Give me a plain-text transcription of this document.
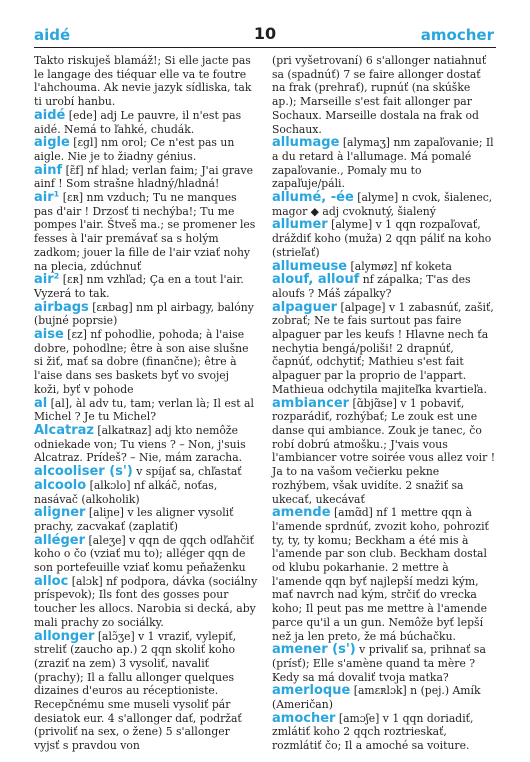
aidé	10	amocher

Takto riskuješ blamáž!; Si elle jacte pas le langage des tiéquar elle va te foutre l'ahchouma. Ak nevie jazyk sídliska, tak ti urobí hanbu.

aidé [ede] adj Le pauvre, il n'est pas aidé. Nemá to ľahké, chudák.

aigle [ɛgl] nm orol; Ce n'est pas un aigle. Nie je to žiadny génius.

ainf [ɛ̃f] nf hlad; verlan faim; J'ai grave ainf ! Som strašne hladný/hladná!

air¹ [ɛʀ] nm vzduch; Tu ne manques pas d'air ! Drzosť ti nechýba!; Tu me pompes l'air. Štveš ma.; se promener les fesses à l'air premávať sa s holým zadkom; jouer la fille de l'air vziať nohy na plecia, zdúchnuť

air² [ɛʀ] nm vzhľad; Ça en a tout l'air. Vyzerá to tak.

airbags [ɛʀbag] nm pl airbagy, balóny (bujné poprsie)

aise [ɛz] nf pohodlie, pohoda; à l'aise dobre, pohodlne; être à son aise slušne si žiť, mať sa dobre (finančne); être à l'aise dans ses baskets byť vo svojej koži, byť v pohode

al [al], àl adv tu, tam; verlan là; Il est al Michel ? Je tu Michel?

Alcatraz [alkatʀaz] adj kto nemôže odniekade von; Tu viens ? – Non, j'suis Alcatraz. Prídeš? – Nie, mám zaracha.

alcooliser (s') v spíjať sa, chľastať

alcoolo [alkɔlo] nf alkáč, noťas, nasávač (alkoholik)

aligner [aliɲe] v les aligner vysoliť prachy, zacvakať (zaplatiť)

alléger [aleʒe] v qqn de qqch odľahčiť koho o čo (vziať mu to); alléger qqn de son portefeuille vziať komu peňaženku

alloc [alɔk] nf podpora, dávka (sociálny príspevok); Ils font des gosses pour toucher les allocs. Narobia si decká, aby mali prachy zo sociálky.

allonger [alɔ̃ʒe] v 1 vraziť, vylepiť, streliť (zaucho ap.) 2 qqn skoliť koho (zraziť na zem) 3 vysoliť, navaliť (prachy); Il a fallu allonger quelques dizaines d'euros au réceptioniste. Recepčnému sme museli vysoliť pár desiatok eur. 4 s'allonger dať, podržať (privoliť na sex, o žene) 5 s'allonger vyjsť s pravdou von

(pri vyšetrovaní) 6 s'allonger natiahnuť sa (spadnúť) 7 se faire allonger dostať na frak (prehrať), rupnúť (na skúške ap.); Marseille s'est fait allonger par Sochaux. Marseille dostala na frak od Sochaux.

allumage [alymaʒ] nm zapaľovanie; Il a du retard à l'allumage. Má pomalé zapaľovanie., Pomaly mu to zapaľuje/páli.

allumé, -ée [alyme] n cvok, šialenec, magor ◆ adj cvoknutý, šialený

allumer [alyme] v 1 qqn rozpaľovať, dráždiť koho (muža) 2 qqn páliť na koho (strieľať)

allumeuse [alymøz] nf koketa

alouf, allouf nf zápalka; T'as des aloufs ? Máš zápalky?

alpaguer [alpage] v 1 zabasnúť, zašiť, zobrať; Ne te fais surtout pas faire alpaguer par les keufs ! Hlavne nech ťa nechytia bengá/poliši! 2 drapnúť, čapnúť, odchytiť; Mathieu s'est fait alpaguer par la proprio de l'appart. Mathieua odchytila majiteľka kvartieľa.

ambiancer [ɑ̃bjɑ̃se] v 1 pobaviť, rozparádiť, rozhýbať; Le zouk est une danse qui ambiance. Zouk je tanec, čo robí dobrú atmošku.; J'vais vous l'ambiancer votre soirée vous allez voir ! Ja to na vašom večierku pekne rozhýbem, však uvidíte. 2 snažiť sa ukecať, ukecávať

amende [amɑ̃d] nf 1 mettre qqn à l'amende sprdnúť, zvozit koho, pohroziť ty, ty, ty komu; Beckham a été mis à l'amende par son club. Beckham dostal od klubu pokarhanie. 2 mettre à l'amende qqn byť najlepší medzi kým, mať navrch nad kým, strčiť do vrecka koho; Il peut pas me mettre à l'amende parce qu'il a un gun. Nemôže byť lepší než ja len preto, že má búchačku.

amener (s') v privaliť sa, prihnať sa (prísť); Elle s'amène quand ta mère ? Kedy sa má dovaliť tvoja matka?

amerloque [amɛʀlɔk] n (pej.) Amík (Američan)

amocher [amɔʃe] v 1 qqn doriadiť, zmlátiť koho 2 qqch roztrieskať, rozmlátiť čo; Il a amoché sa voiture.
